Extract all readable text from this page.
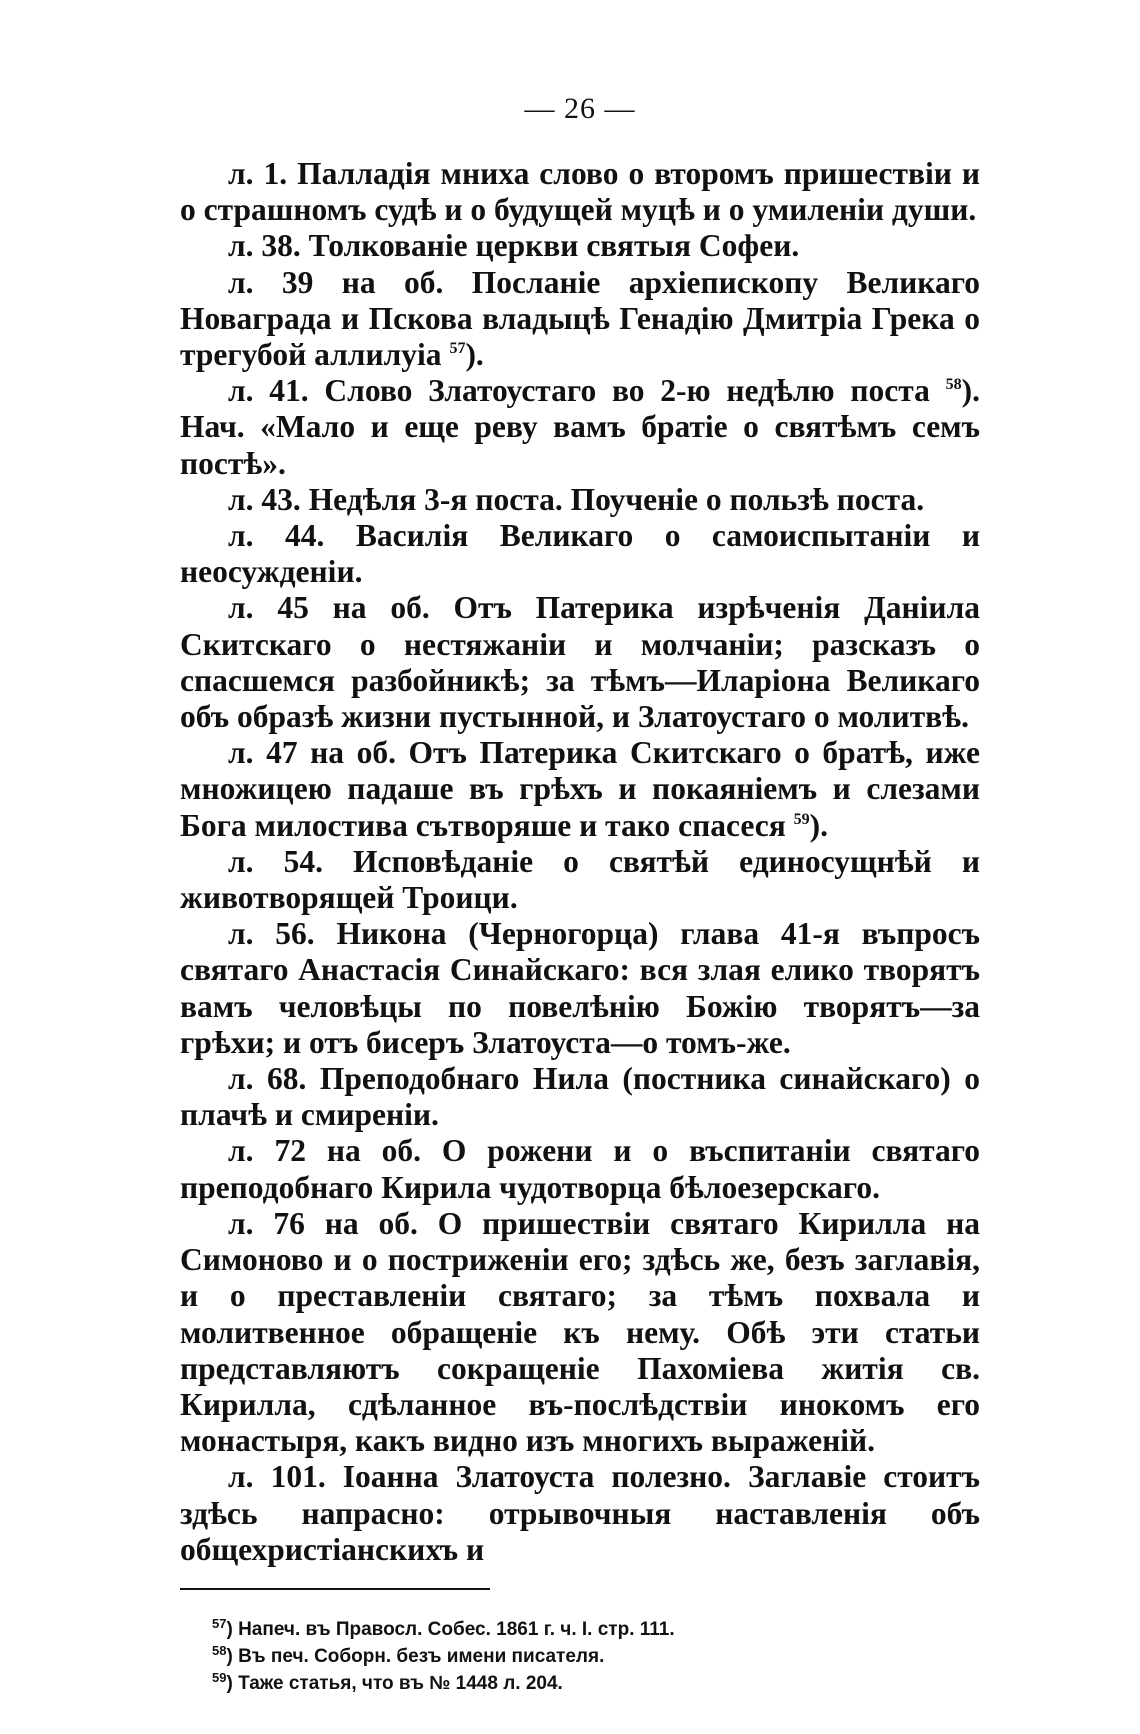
— 26 —

л. 1. Палладія мниха слово о второмъ пришествіи и о страшномъ судѣ и о будущей муцѣ и о умиленіи души.

л. 38. Толкованіе церкви святыя Софеи.

л. 39 на об. Посланіе архіепископу Великаго Новаграда и Пскова владыцѣ Генадію Дмитріа Грека о трегубой аллилуіа $^{57}$).

л. 41. Слово Златоустаго во 2-ю недѣлю поста $^{58}$). Нач. «Мало и еще реву вамъ братіе о святѣмъ семъ постѣ».

л. 43. Недѣля 3-я поста. Поученіе о пользѣ поста.

л. 44. Василія Великаго о самоиспытаніи и неосужденіи.

л. 45 на об. Отъ Патерика изрѣченія Даніила Скитскаго о нестяжаніи и молчаніи; разсказъ о спасшемся разбойникѣ; за тѣмъ—Иларіона Великаго объ образѣ жизни пустынной, и Златоустаго о молитвѣ.

л. 47 на об. Отъ Патерика Скитскаго о братѣ, иже множицею падаше въ грѣхъ и покаяніемъ и слезами Бога милостива сътворяше и тако спасеся $^{59}$).

л. 54. Исповѣданіе о святѣй единосущнѣй и животворящей Троици.

л. 56. Никона (Черногорца) глава 41-я въпросъ святаго Анастасія Синайскаго: вся злая елико творятъ вамъ человѣцы по повелѣнію Божію творятъ—за грѣхи; и отъ бисеръ Златоуста—о томъ-же.

л. 68. Преподобнаго Нила (постника синайскаго) о плачѣ и смиреніи.

л. 72 на об. О рожени и о въспитаніи святаго преподобнаго Кирила чудотворца бѣлоезерскаго.

л. 76 на об. О пришествіи святаго Кирилла на Симоново и о постриженіи его; здѣсь же, безъ заглавія, и о преставленіи святаго; за тѣмъ похвала и молитвенное обращеніе къ нему. Обѣ эти статьи представляютъ сокращеніе Пахоміева житія св. Кирилла, сдѣланное въ-послѣдствіи инокомъ его монастыря, какъ видно изъ многихъ выраженій.

л. 101. Іоанна Златоуста полезно. Заглавіе стоитъ здѣсь напрасно: отрывочныя наставленія объ общехристіанскихъ и

$^{57}$) Напеч. въ Правосл. Собес. 1861 г. ч. I. стр. 111.

$^{58}$) Въ печ. Соборн. безъ имени писателя.

$^{59}$) Таже статья, что въ № 1448 л. 204.
